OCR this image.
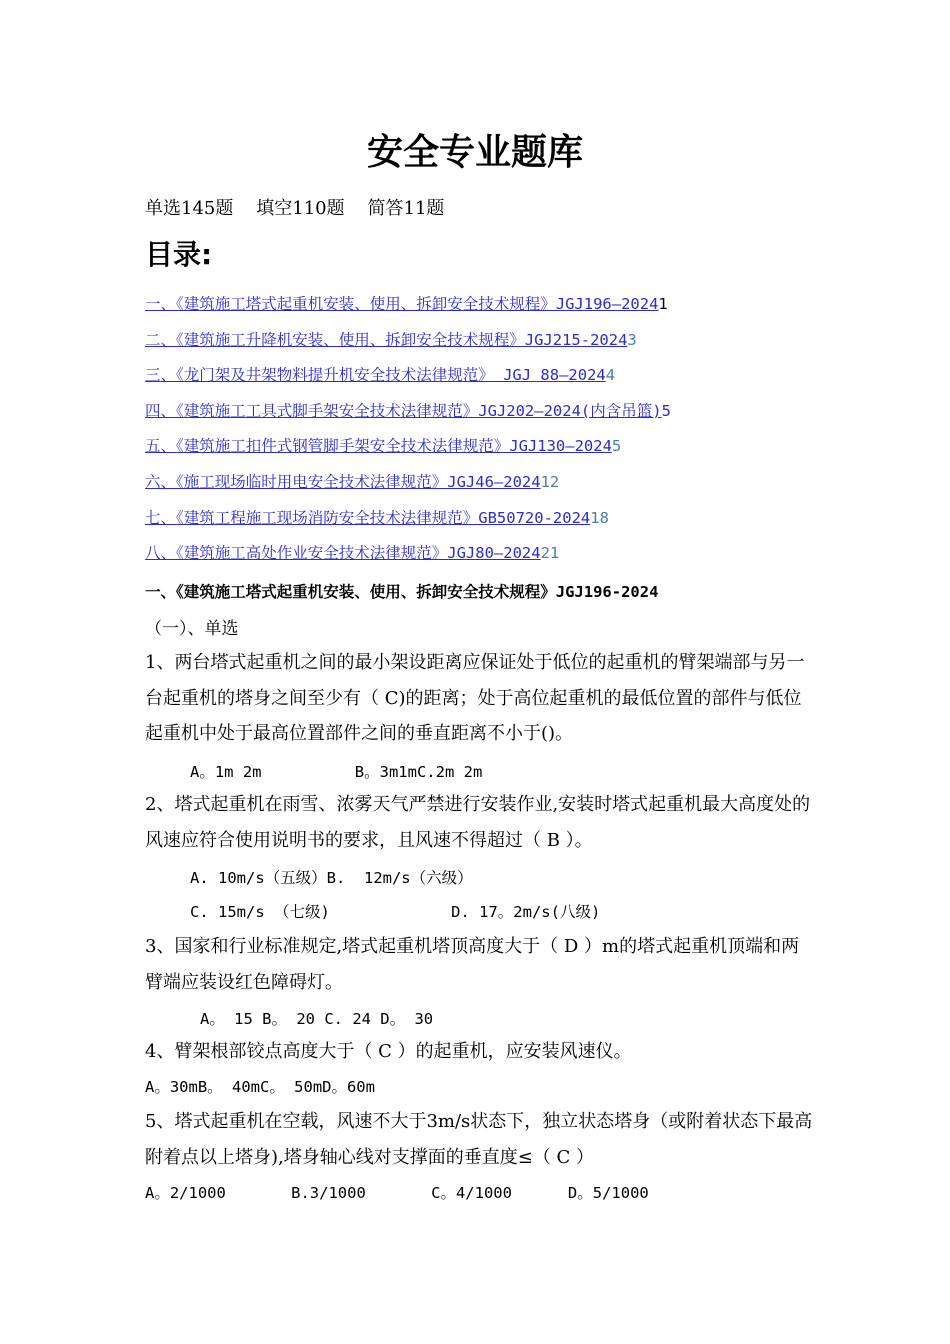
安全专业题库
单选145题    填空110题    简答11题
目录:
一、《建筑施工塔式起重机安装、使用、拆卸安全技术规程》JGJ196—20241
二、《建筑施工升降机安装、使用、拆卸安全技术规程》JGJ215-20243
三、《龙门架及井架物料提升机安全技术法律规范》 JGJ 88—20244
四、《建筑施工工具式脚手架安全技术法律规范》JGJ202—2024(内含吊篮)5
五、《建筑施工扣件式钢管脚手架安全技术法律规范》JGJ130—20245
六、《施工现场临时用电安全技术法律规范》JGJ46—202412
七、《建筑工程施工现场消防安全技术法律规范》GB50720-202418
八、《建筑施工高处作业安全技术法律规范》JGJ80—202421
一、《建筑施工塔式起重机安装、使用、拆卸安全技术规程》JGJ196-2024
（一）、单选
1、两台塔式起重机之间的最小架设距离应保证处于低位的起重机的臂架端部与另一台起重机的塔身之间至少有（ C)的距离；处于高位起重机的最低位置的部件与低位起重机中处于最高位置部件之间的垂直距离不小于()。
A。1m 2m          B。3m1mC.2m 2m
2、塔式起重机在雨雪、浓雾天气严禁进行安装作业,安装时塔式起重机最大高度处的风速应符合使用说明书的要求，且风速不得超过（ B ）。
A. 10m/s（五级）B.  12m/s（六级）
C. 15m/s （七级)             D. 17。2m/s(八级)
3、国家和行业标准规定,塔式起重机塔顶高度大于（ D ）m的塔式起重机顶端和两臂端应装设红色障碍灯。
A。 15 B。 20 C. 24 D。 30
4、臂架根部铰点高度大于（ C ）的起重机，应安装风速仪。
A。30mB。 40mC。 50mD。60m
5、塔式起重机在空载，风速不大于3m/s状态下，独立状态塔身（或附着状态下最高附着点以上塔身),塔身轴心线对支撑面的垂直度≤（ C ）
A。2/1000       B.3/1000       C。4/1000      D。5/1000
